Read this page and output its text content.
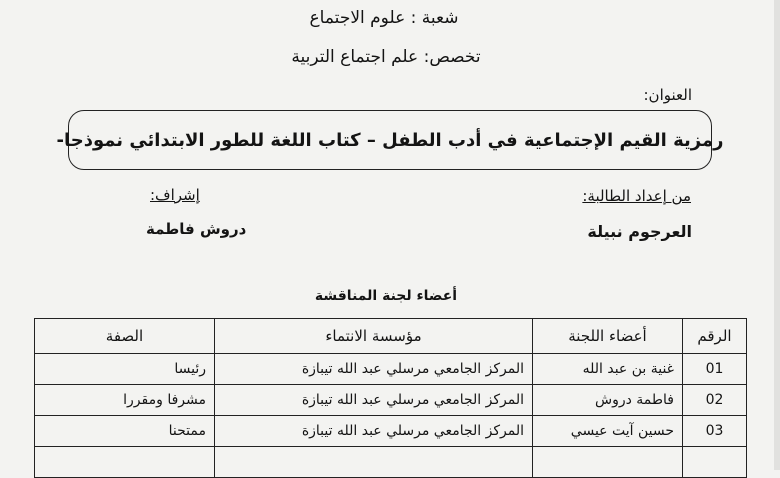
شعبة : علوم الاجتماع
تخصص: علم اجتماع التربية
العنوان:
رمزية القيم الإجتماعية في أدب الطفل – كتاب اللغة للطور الابتدائي نموذجا-
من إعداد الطالبة:
إشراف:
العرجوم نبيلة
دروش فاطمة
أعضاء لجنة المناقشة
الرقم	أعضاء اللجنة	مؤسسة الانتماء	الصفة
01	غنية بن عبد الله	المركز الجامعي مرسلي عبد الله تيبازة	رئيسا
02	فاطمة دروش	المركز الجامعي مرسلي عبد الله تيبازة	مشرفا ومقررا
03	حسين آيت عيسي	المركز الجامعي مرسلي عبد الله تيبازة	ممتحنا
